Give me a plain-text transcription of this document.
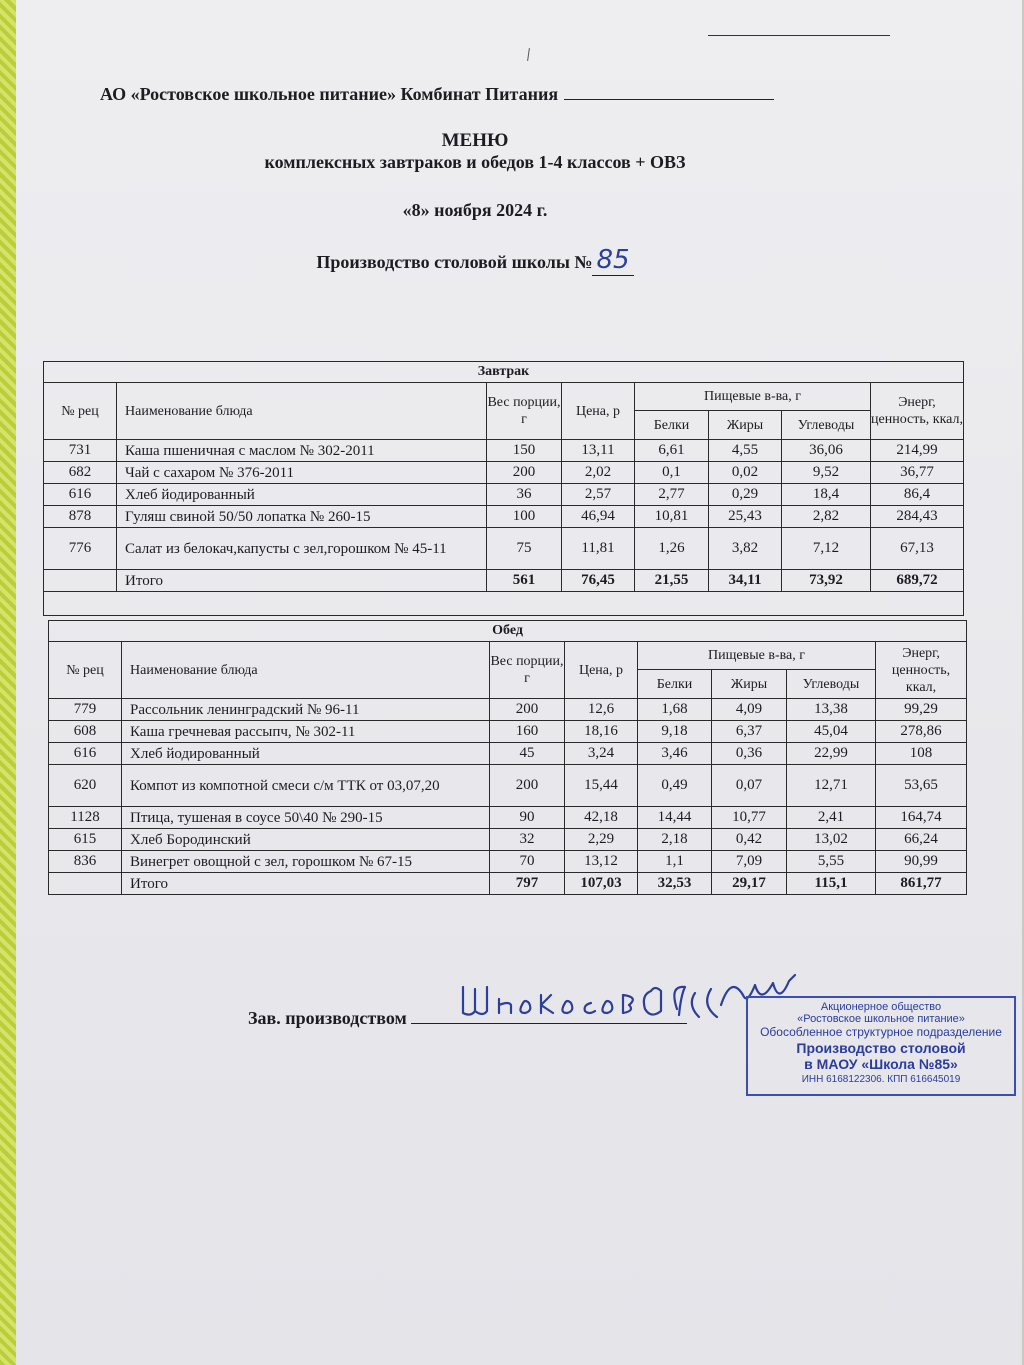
АО «Ростовское школьное питание» Комбинат Питания
МЕНЮ
комплексных завтраков и обедов 1-4 классов + ОВЗ
«8» ноября 2024 г.
Производство столовой школы № 85
Завтрак							
№ рец	Наименование блюда	Вес порции, г	Цена, р	Пищевые в-ва, г			Энерг, ценность, ккал,
				Белки	Жиры	Углеводы	
731	Каша пшеничная с маслом № 302-2011	150	13,11	6,61	4,55	36,06	214,99
682	Чай с сахаром № 376-2011	200	2,02	0,1	0,02	9,52	36,77
616	Хлеб йодированный	36	2,57	2,77	0,29	18,4	86,4
878	Гуляш свиной 50/50 лопатка № 260-15	100	46,94	10,81	25,43	2,82	284,43
776	Салат из белокач,капусты с зел,горошком № 45-11	75	11,81	1,26	3,82	7,12	67,13
	Итого	561	76,45	21,55	34,11	73,92	689,72

Обед							
№ рец	Наименование блюда	Вес порции, г	Цена, р	Пищевые в-ва, г			Энерг, ценность, ккал,
				Белки	Жиры	Углеводы	
779	Рассольник ленинградский № 96-11	200	12,6	1,68	4,09	13,38	99,29
608	Каша гречневая рассыпч, № 302-11	160	18,16	9,18	6,37	45,04	278,86
616	Хлеб йодированный	45	3,24	3,46	0,36	22,99	108
620	Компот из компотной смеси с/м ТТК от 03,07,20	200	15,44	0,49	0,07	12,71	53,65
1128	Птица, тушеная в соусе 50\40 № 290-15	90	42,18	14,44	10,77	2,41	164,74
615	Хлеб Бородинский	32	2,29	2,18	0,42	13,02	66,24
836	Винегрет овощной с зел, горошком № 67-15	70	13,12	1,1	7,09	5,55	90,99
	Итого	797	107,03	32,53	29,17	115,1	861,77
Зав. производством
Акционерное общество
«Ростовское школьное питание»
Обособленное структурное подразделение
Производство столовой
в МАОУ «Школа №85»
ИНН 6168122306. КПП 616645019
